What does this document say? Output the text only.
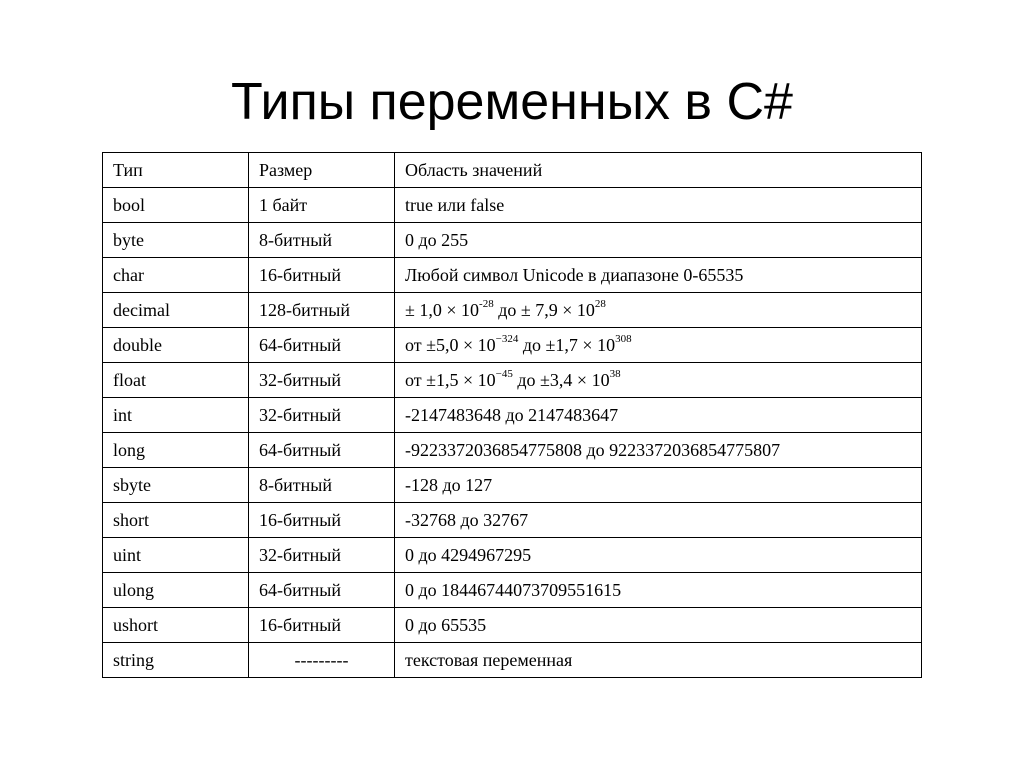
Типы переменных в C#
Тип	Размер	Область значений
bool	1 байт	true или false
byte	8-битный	0 до 255
char	16-битный	Любой символ Unicode в диапазоне 0-65535
decimal	128-битный	± $1,0 \times 10^{-28}$ до ± $7,9 \times 10^{28}$
double	64-битный	от $\pm 5,0 \times 10^{-324}$ до $\pm 1,7 \times 10^{308}$
float	32-битный	от $\pm 1,5 \times 10^{-45}$ до $\pm 3,4 \times 10^{38}$
int	32-битный	-2147483648 до 2147483647
long	64-битный	-9223372036854775808 до 9223372036854775807
sbyte	8-битный	-128 до 127
short	16-битный	-32768 до 32767
uint	32-битный	0 до 4294967295
ulong	64-битный	0 до 18446744073709551615
ushort	16-битный	0 до 65535
string	---------	текстовая переменная
